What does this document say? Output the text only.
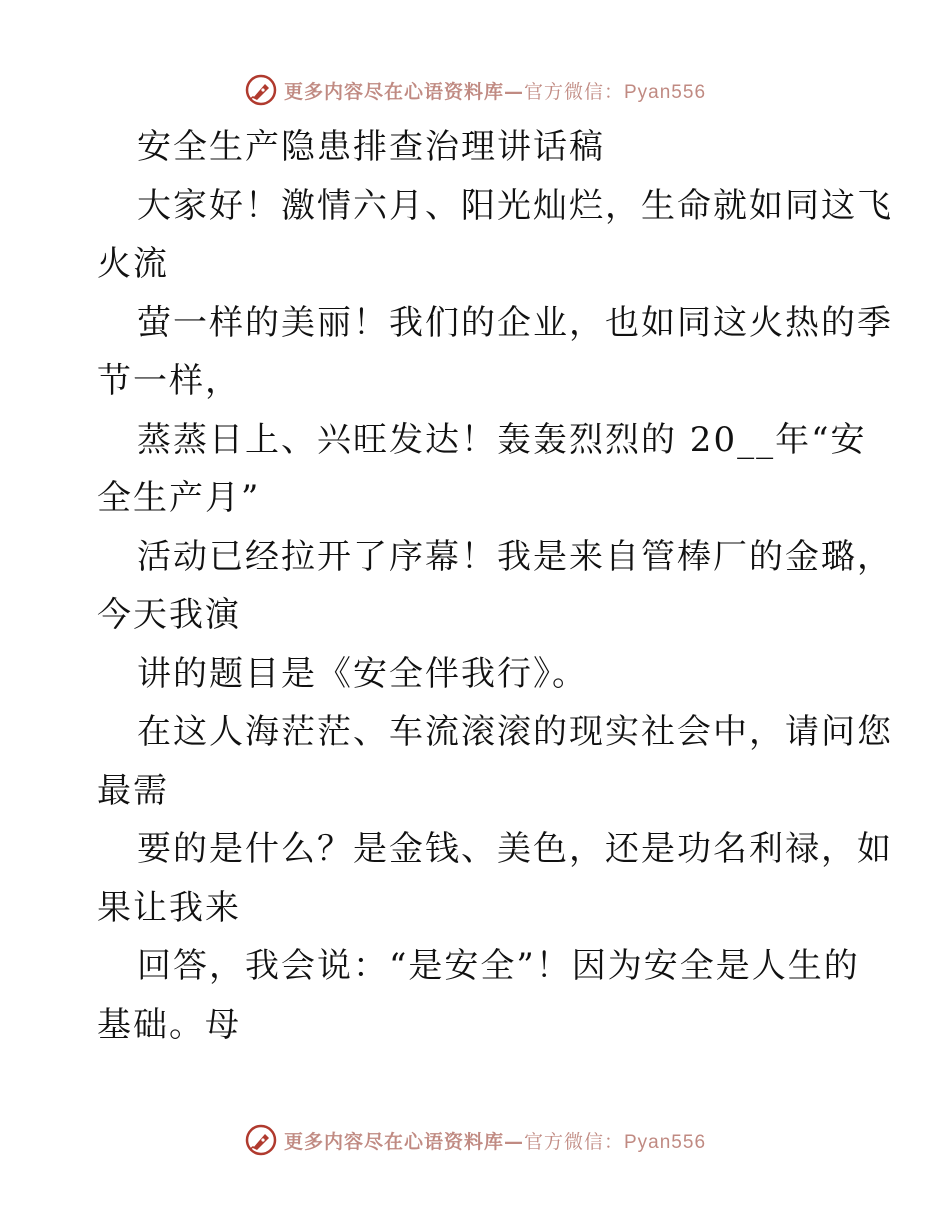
更多内容尽在心语资料库—官方微信：Pyan556
安全生产隐患排查治理讲话稿
大家好！激情六月、阳光灿烂，生命就如同这飞
火流
萤一样的美丽！我们的企业，也如同这火热的季
节一样，
蒸蒸日上、兴旺发达！轰轰烈烈的 20__年“安
全生产月”
活动已经拉开了序幕！我是来自管棒厂的金璐，
今天我演
讲的题目是《安全伴我行》。
在这人海茫茫、车流滚滚的现实社会中，请问您
最需
要的是什么？是金钱、美色，还是功名利禄，如
果让我来
回答，我会说：“是安全”！因为安全是人生的
基础。母
更多内容尽在心语资料库—官方微信：Pyan556
